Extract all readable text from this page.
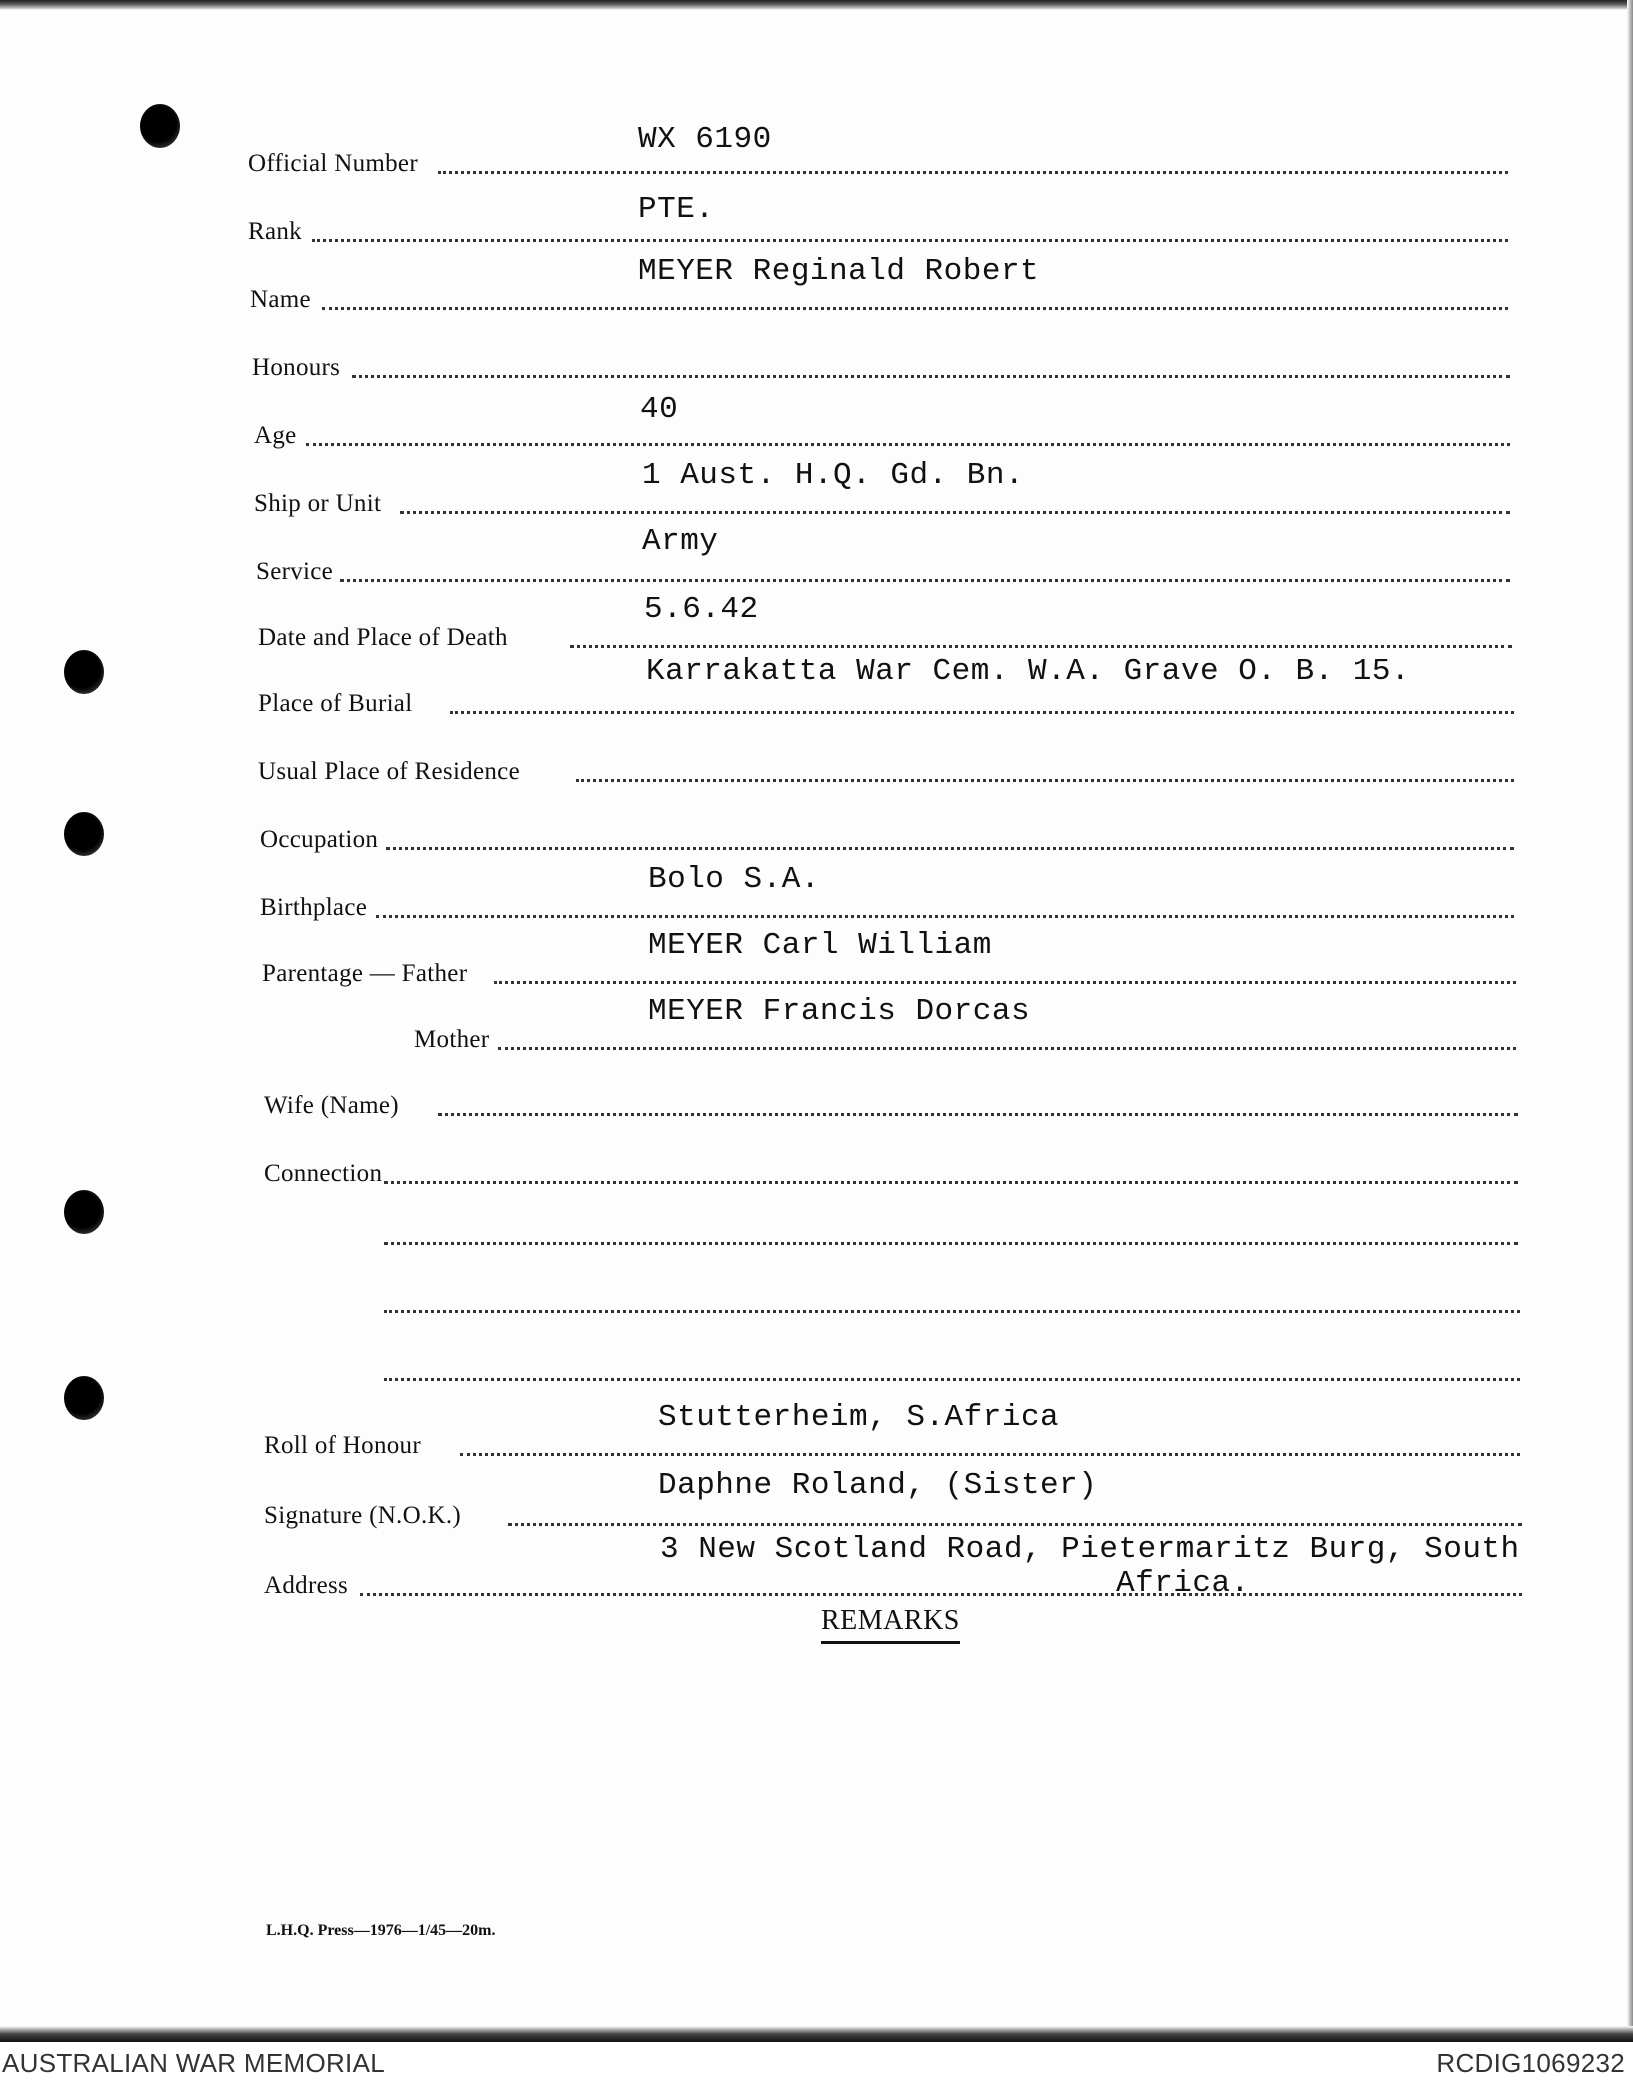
Official Number
WX 6190
Rank
PTE.
Name
MEYER Reginald Robert
Honours
Age
40
Ship or Unit
1 Aust. H.Q. Gd. Bn.
Service
Army
Date and Place of Death
5.6.42
Place of Burial
Karrakatta War Cem. W.A. Grave O. B. 15.
Usual Place of Residence
Occupation
Birthplace
Bolo S.A.
Parentage — Father
MEYER Carl William
Mother
MEYER Francis Dorcas
Wife (Name)
Connection
Roll of Honour
Stutterheim, S.Africa
Signature (N.O.K.)
Daphne Roland, (Sister)
Address
3 New Scotland Road, Pietermaritz Burg, South
Africa.
REMARKS
L.H.Q. Press—1976—1/45—20m.
AUSTRALIAN WAR MEMORIAL	RCDIG1069232
